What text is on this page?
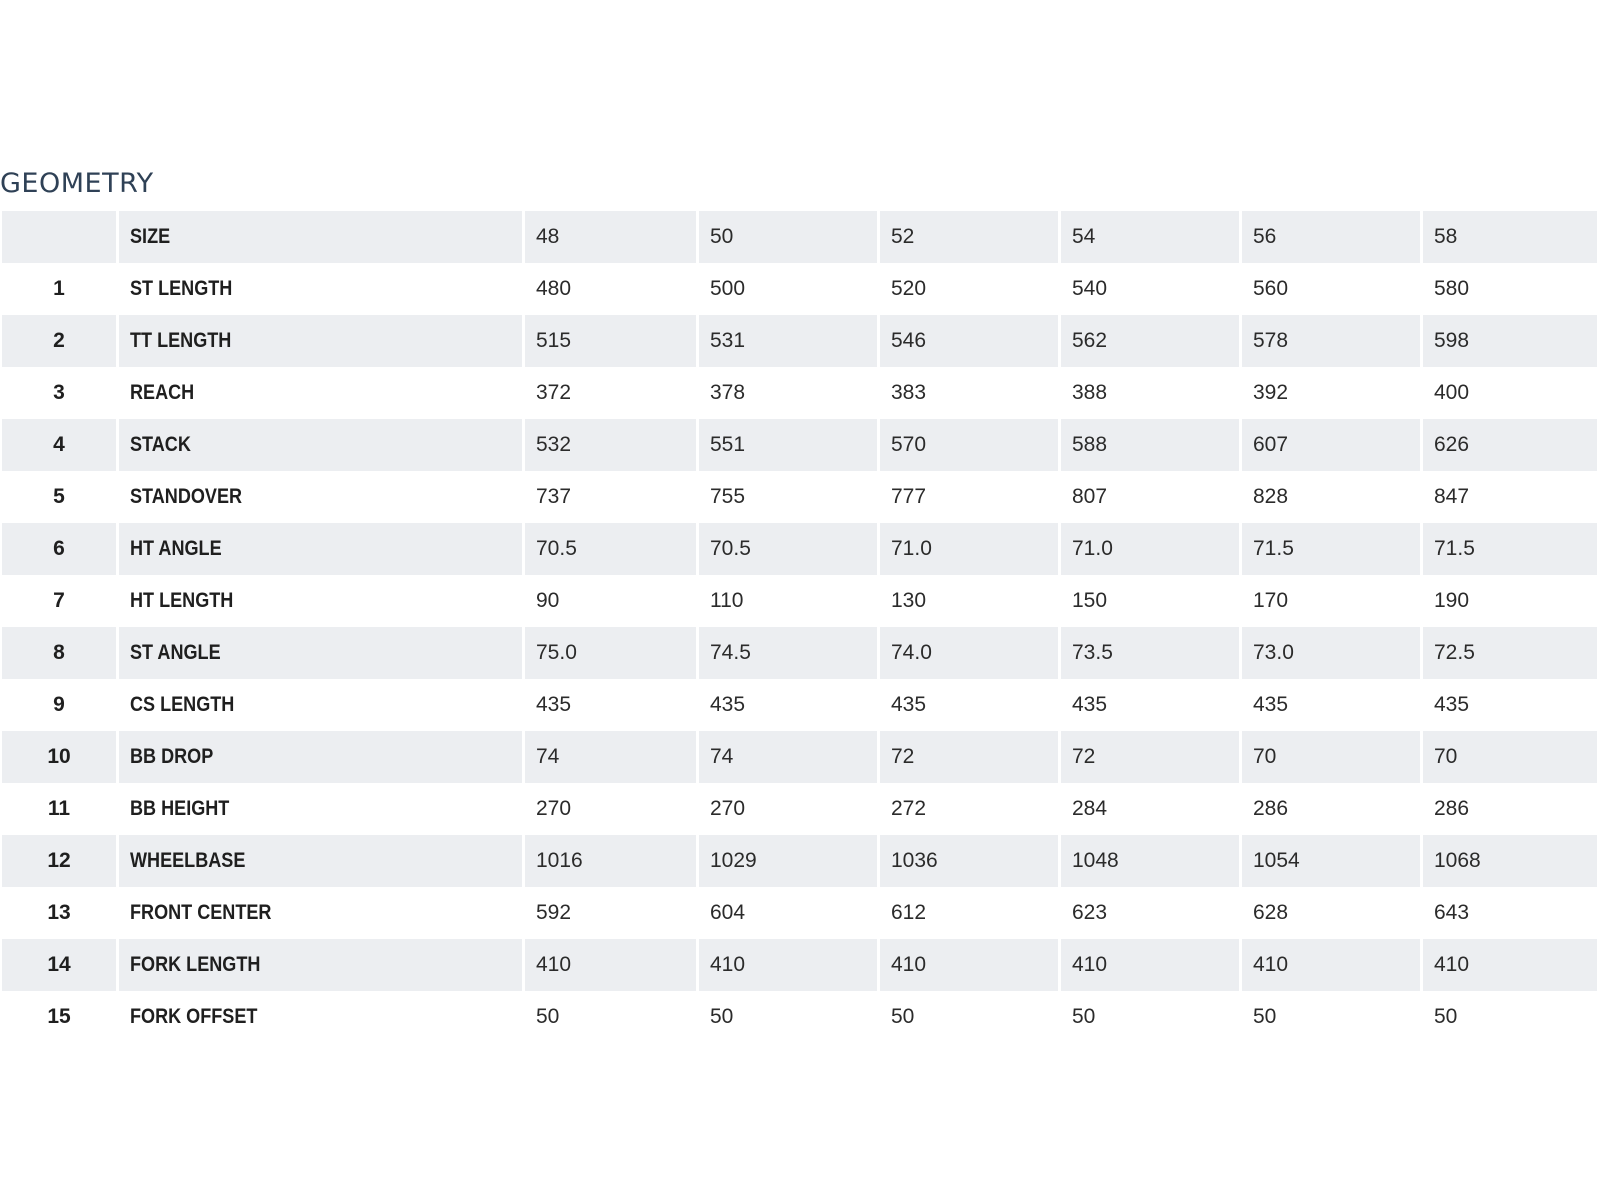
GEOMETRY
	SIZE	48	50	52	54	56	58
1	ST LENGTH	480	500	520	540	560	580
2	TT LENGTH	515	531	546	562	578	598
3	REACH	372	378	383	388	392	400
4	STACK	532	551	570	588	607	626
5	STANDOVER	737	755	777	807	828	847
6	HT ANGLE	70.5	70.5	71.0	71.0	71.5	71.5
7	HT LENGTH	90	110	130	150	170	190
8	ST ANGLE	75.0	74.5	74.0	73.5	73.0	72.5
9	CS LENGTH	435	435	435	435	435	435
10	BB DROP	74	74	72	72	70	70
11	BB HEIGHT	270	270	272	284	286	286
12	WHEELBASE	1016	1029	1036	1048	1054	1068
13	FRONT CENTER	592	604	612	623	628	643
14	FORK LENGTH	410	410	410	410	410	410
15	FORK OFFSET	50	50	50	50	50	50
